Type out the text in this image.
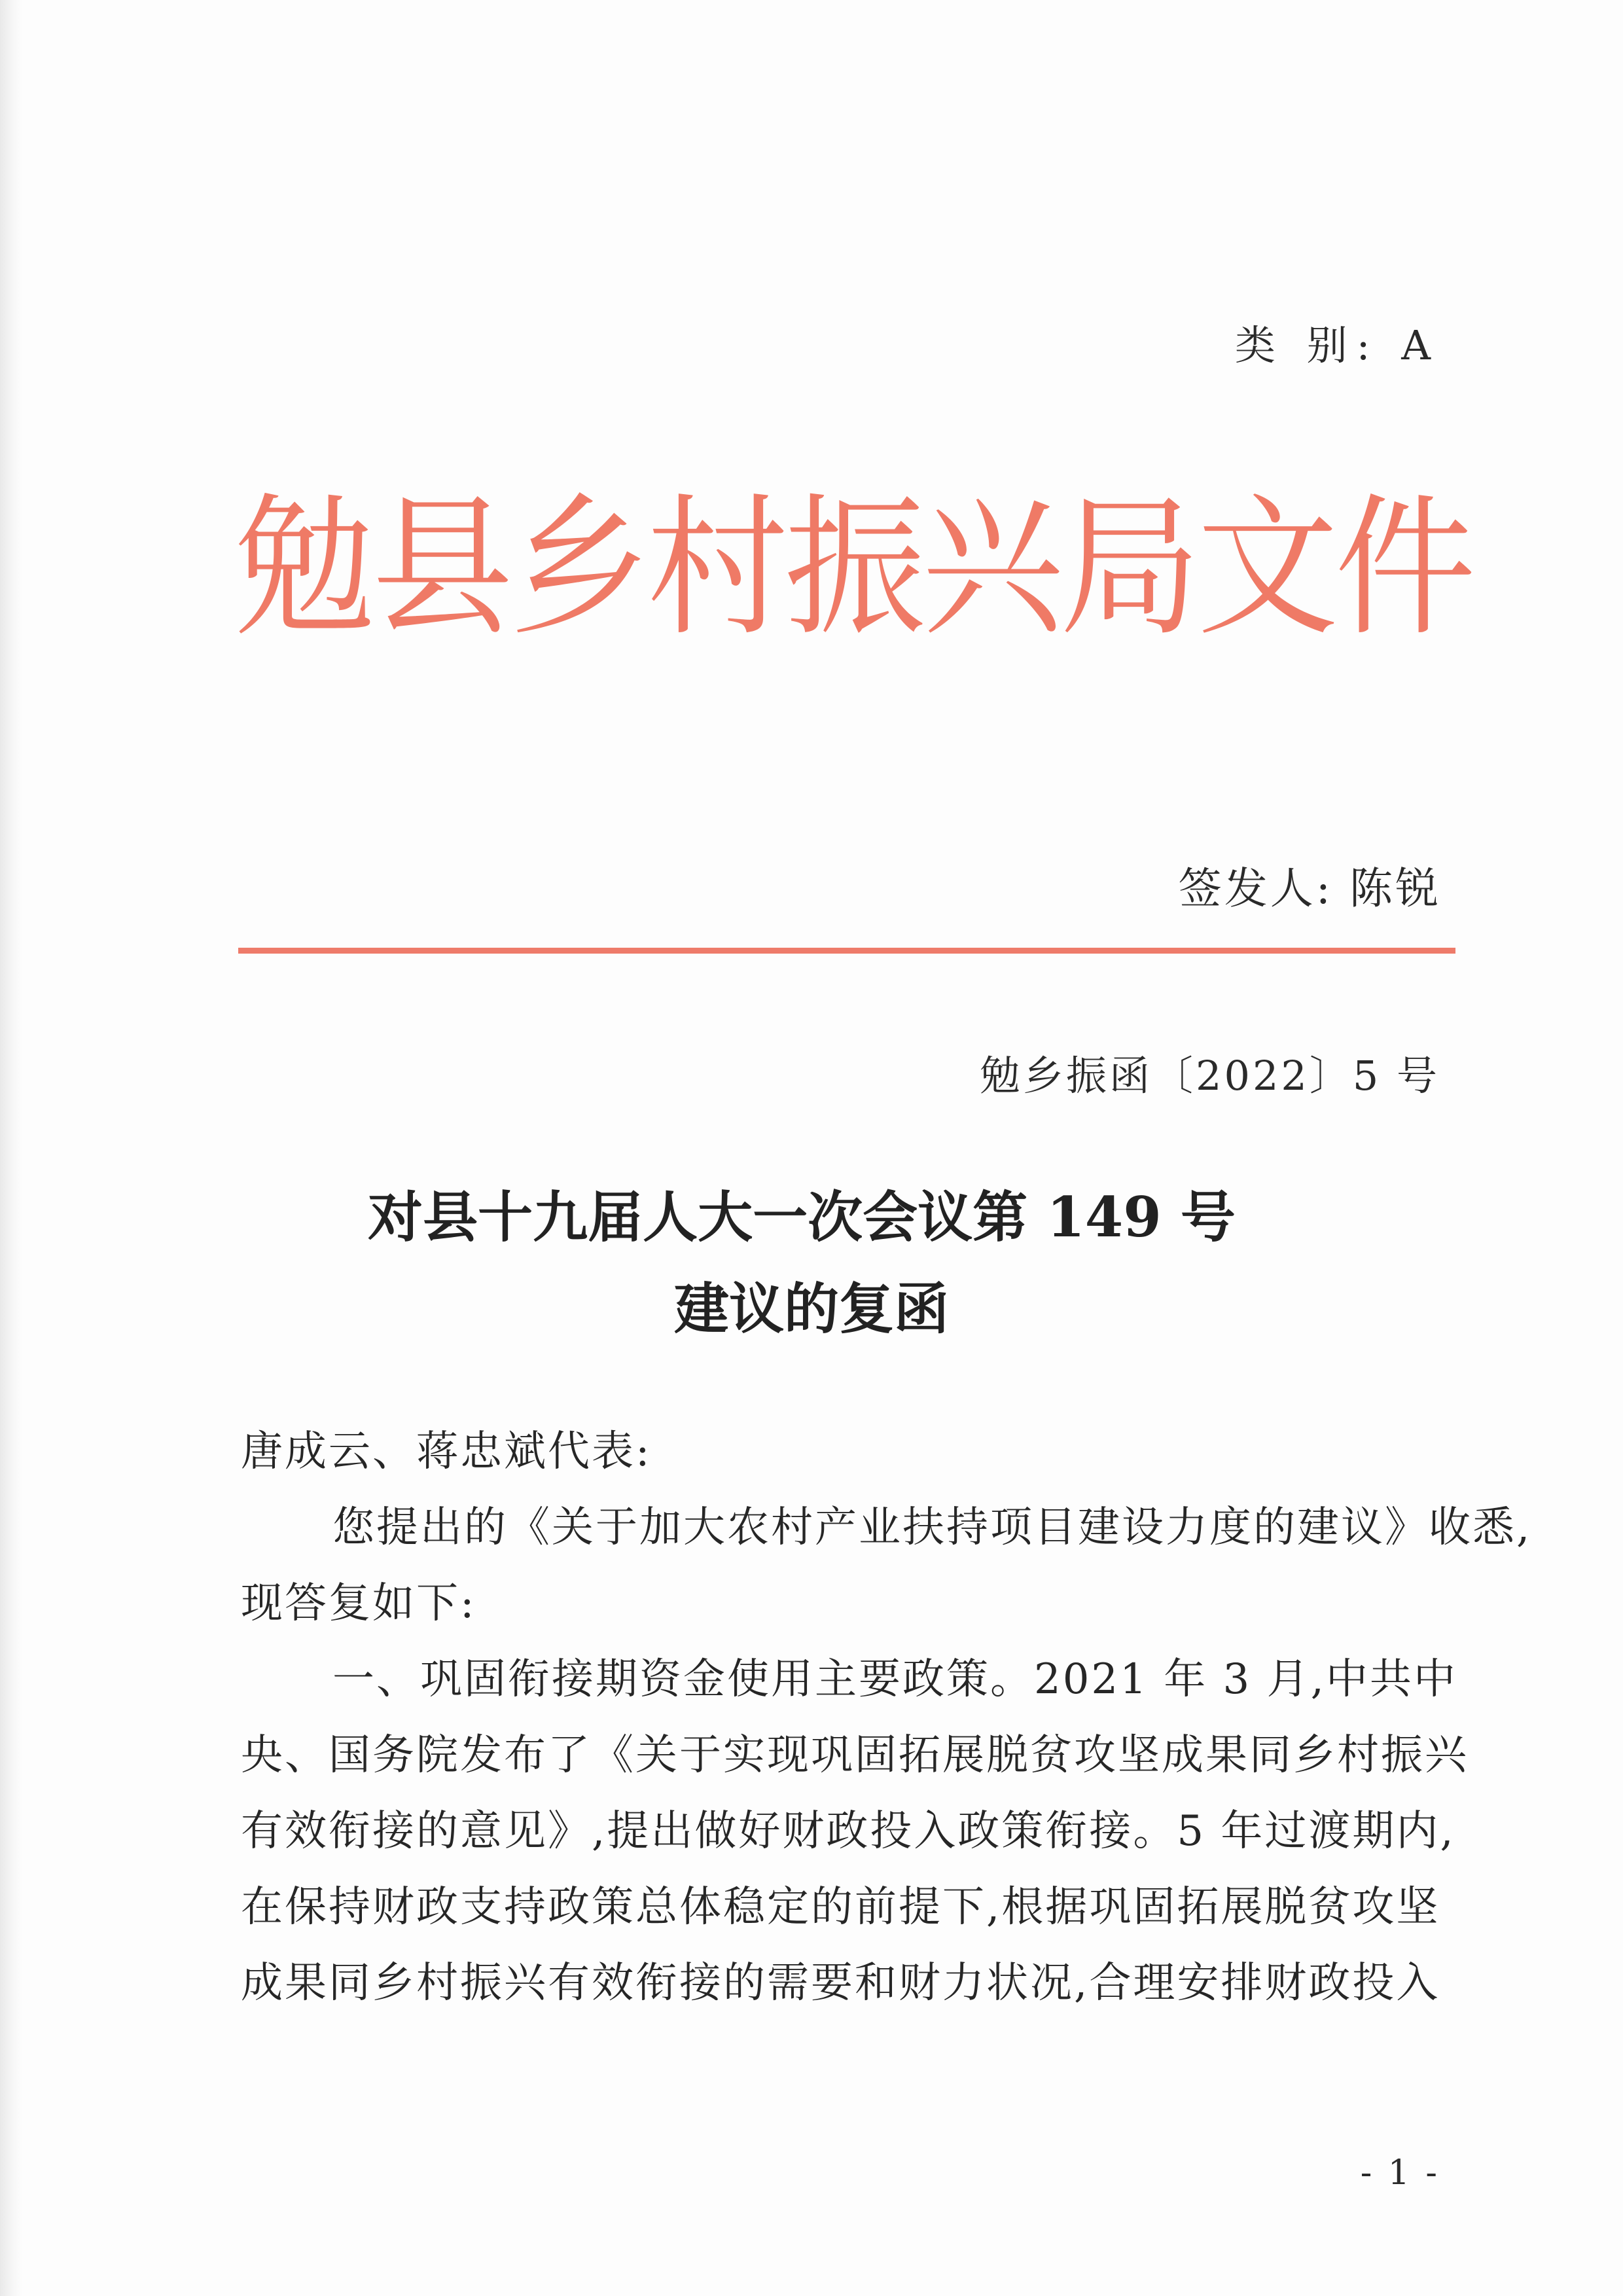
类 别: A
勉县乡村振兴局文件
签发人: 陈锐
勉乡振函〔2022〕5 号
对县十九届人大一次会议第 149 号
建议的复函
唐成云、蒋忠斌代表:
您提出的《关于加大农村产业扶持项目建设力度的建议》收悉,
现答复如下:
一、巩固衔接期资金使用主要政策。2021 年 3 月,中共中
央、国务院发布了《关于实现巩固拓展脱贫攻坚成果同乡村振兴
有效衔接的意见》,提出做好财政投入政策衔接。5 年过渡期内,
在保持财政支持政策总体稳定的前提下,根据巩固拓展脱贫攻坚
成果同乡村振兴有效衔接的需要和财力状况,合理安排财政投入
- 1 -
